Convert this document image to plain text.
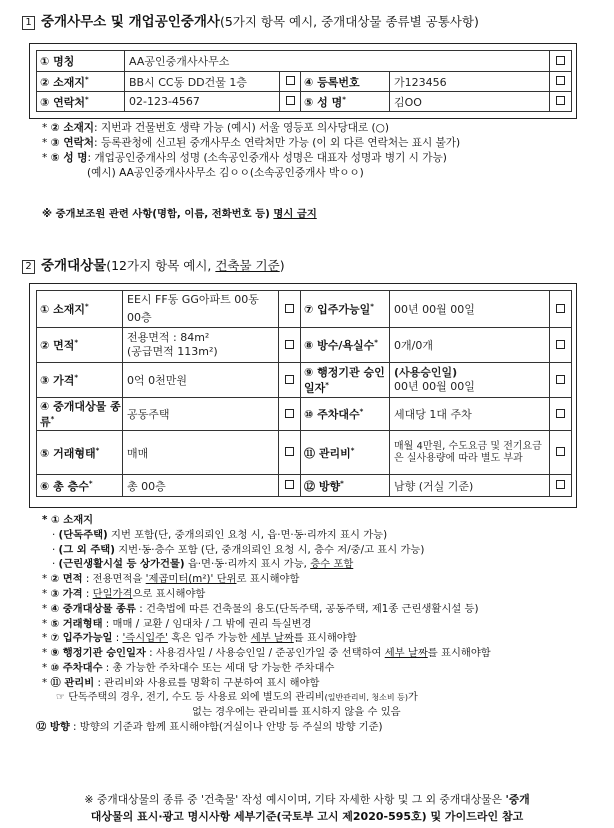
1 중개사무소 및 개업공인중개사(5가지 항목 예시, 중개대상물 종류별 공통사항)
① 명칭	AA공인중개사사무소				
② 소재지*	BB시 CC동 DD건물 1층		④ 등록번호	가123456	
③ 연락처*	02-123-4567		⑤ 성 명*	김OO	
* ② 소재지: 지번과 건물번호 생략 가능 (예시) 서울 영등포 의사당대로 (○)
* ③ 연락처: 등록관청에 신고된 중개사무소 연락처만 가능 (이 외 다른 연락처는 표시 불가)
* ⑤ 성 명: 개업공인중개사의 성명 (소속공인중개사 성명은 대표자 성명과 병기 시 가능)
(예시) AA공인중개사사무소 김ㅇㅇ(소속공인중개사 박ㅇㅇ)
※ 중개보조원 관련 사항(명함, 이름, 전화번호 등) 명시 금지
2 중개대상물(12가지 항목 예시, 건축물 기준)
① 소재지*	EE시 FF동 GG아파트 00동 00층		⑦ 입주가능일*	00년 00월 00일	
② 면적*	전용면적 : 84m²
(공급면적 113m²)		⑧ 방수/욕실수*	0개/0개	
③ 가격*	0억 0천만원		⑨ 행정기관 승인일자*	(사용승인일)
00년 00월 00일	

④ 중개대상물 종류*	공동주택		⑩ 주차대수*	세대당 1대 주차	
⑤ 거래형태*	매매		⑪ 관리비*	매월 4만원, 수도요금 및 전기요금은 실사용량에 따라 별도 부과	
⑥ 총 층수*	총 00층		⑫ 방향*	남향 (거실 기준)	
* ① 소재지
· (단독주택) 지번 포함(단, 중개의뢰인 요청 시, 읍·면·동·리까지 표시 가능)
· (그 외 주택) 지번·동·층수 포함 (단, 중개의뢰인 요청 시, 층수 저/중/고 표시 가능)
· (근린생활시설 등 상가건물) 읍·면·동·리까지 표시 가능, 층수 포함
* ② 면적 : 전용면적을 '제곱미터(m²)' 단위로 표시해야함
* ③ 가격 : 단일가격으로 표시해야함
* ④ 중개대상물 종류 : 건축법에 따른 건축물의 용도(단독주택, 공동주택, 제1종 근린생활시설 등)
* ⑤ 거래형태 : 매매 / 교환 / 임대차 / 그 밖에 권리 득실변경
* ⑦ 입주가능일 : '즉시입주' 혹은 입주 가능한 세부 날짜를 표시해야함
* ⑨ 행정기관 승인일자 : 사용검사일 / 사용승인일 / 준공인가일 중 선택하여 세부 날짜를 표시해야함
* ⑩ 주차대수 : 총 가능한 주차대수 또는 세대 당 가능한 주차대수
* ⑪ 관리비 : 관리비와 사용료를 명확히 구분하여 표시 해야함
☞ 단독주택의 경우, 전기, 수도 등 사용료 외에 별도의 관리비(일반관리비, 청소비 등)가
없는 경우에는 관리비를 표시하지 않을 수 있음
⑫ 방향 : 방향의 기준과 함께 표시해야함(거실이나 안방 등 주실의 방향 기준)
※ 중개대상물의 종류 중 '건축물' 작성 예시이며, 기타 자세한 사항 및 그 외 중개대상물은 '중개
대상물의 표시·광고 명시사항 세부기준(국토부 고시 제2020-595호) 및 가이드라인 참고
